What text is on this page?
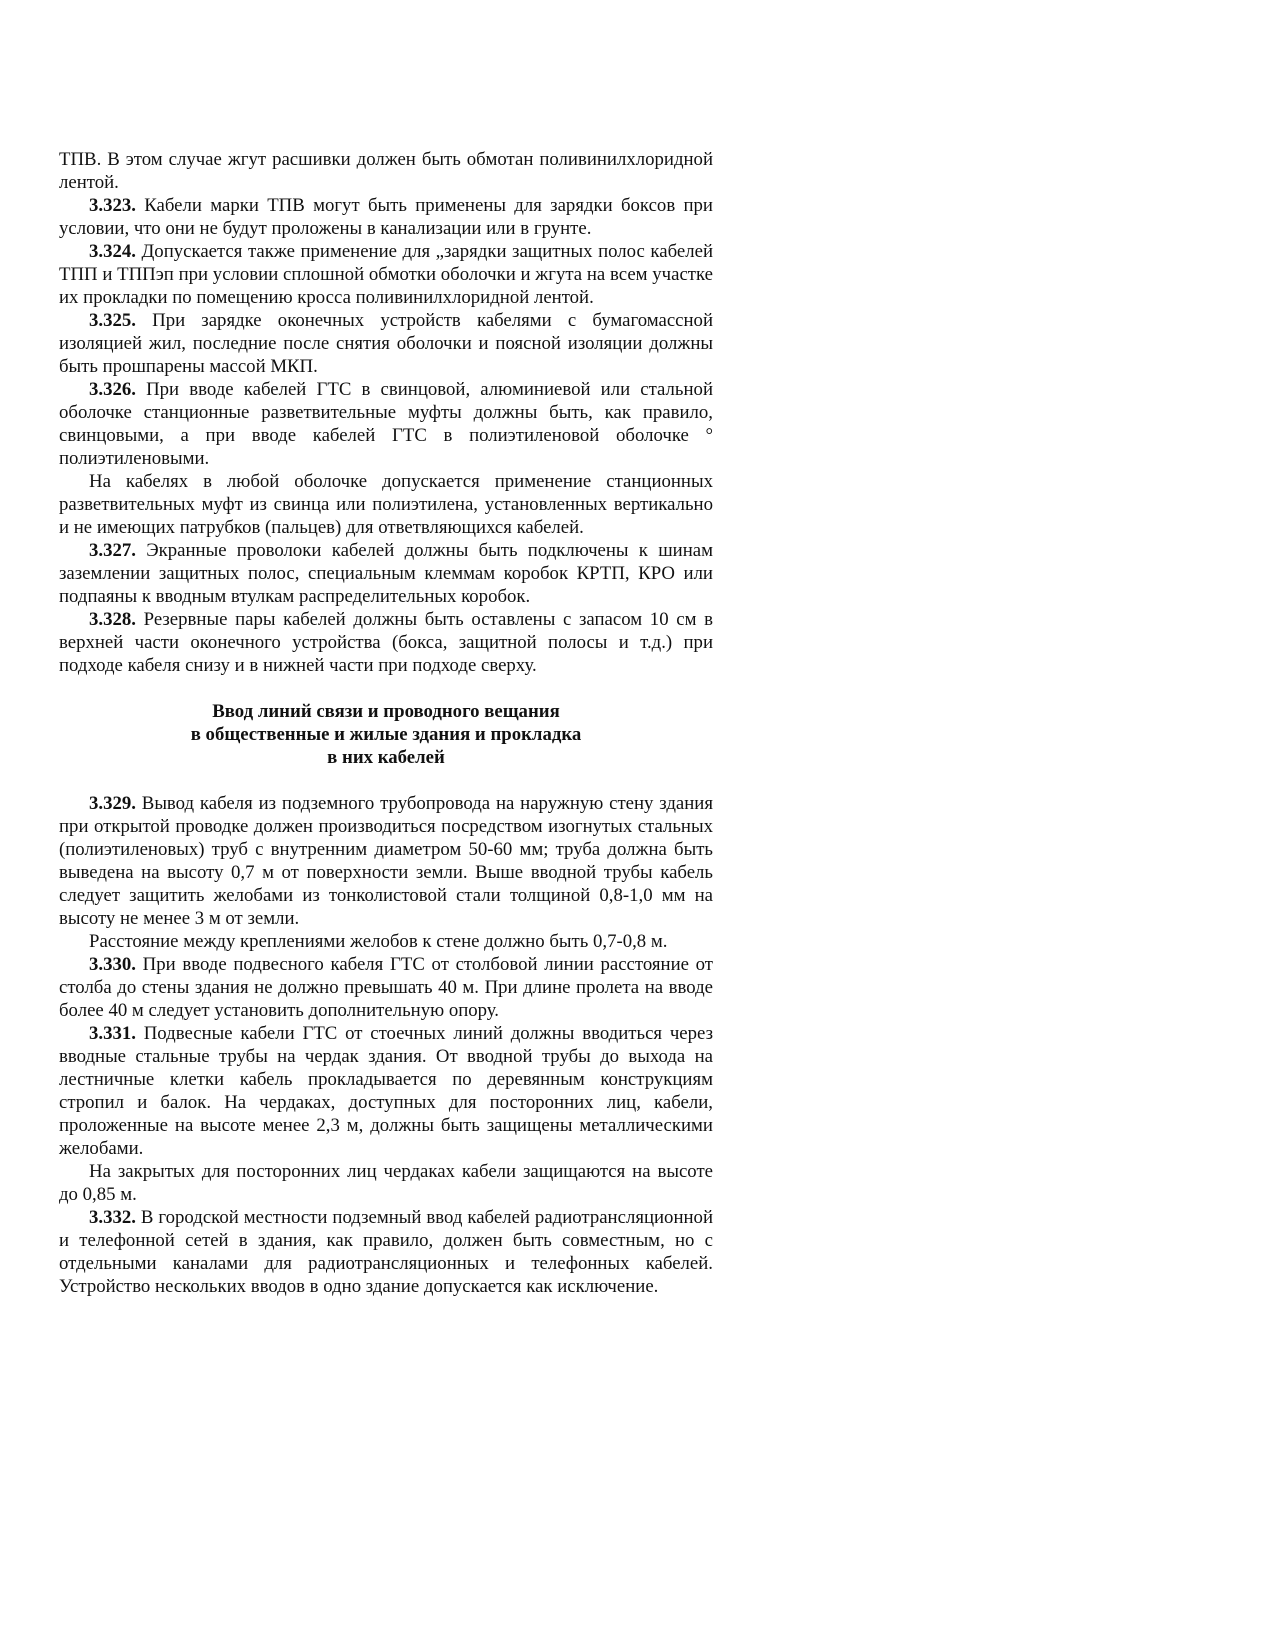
ТПВ. В этом случае жгут расшивки должен быть обмотан поливинилхлоридной лентой.

3.323. Кабели марки ТПВ могут быть применены для зарядки боксов при условии, что они не будут проложены в канализации или в грунте.

3.324. Допускается также применение для „зарядки защитных полос кабелей ТПП и ТППэп при условии сплошной обмотки оболочки и жгута на всем участке их прокладки по помещению кросса поливинилхлоридной лентой.

3.325. При зарядке оконечных устройств кабелями с бумагомассной изоляцией жил, последние после снятия оболочки и поясной изоляции должны быть прошпарены массой МКП.

3.326. При вводе кабелей ГТС в свинцовой, алюминиевой или стальной оболочке станционные разветвительные муфты должны быть, как правило, свинцовыми, а при вводе кабелей ГТС в полиэтиленовой оболочке ° полиэтиленовыми.

На кабелях в любой оболочке допускается применение станционных разветвительных муфт из свинца или полиэтилена, установленных вертикально и не имеющих патрубков (пальцев) для ответвляющихся кабелей.

3.327. Экранные проволоки кабелей должны быть подключены к шинам заземлении защитных полос, специальным клеммам коробок КРТП, КРО или подпаяны к вводным втулкам распределительных коробок.

3.328. Резервные пары кабелей должны быть оставлены с запасом 10 см в верхней части оконечного устройства (бокса, защитной полосы и т.д.) при подходе кабеля снизу и в нижней части при подходе сверху.

Ввод линий связи и проводного вещания
в общественные и жилые здания и прокладка
в них кабелей

3.329. Вывод кабеля из подземного трубопровода на наружную стену здания при открытой проводке должен производиться посредством изогнутых стальных (полиэтиленовых) труб с внутренним диаметром 50-60 мм; труба должна быть выведена на высоту 0,7 м от поверхности земли. Выше вводной трубы кабель следует защитить желобами из тонколистовой стали толщиной 0,8-1,0 мм на высоту не менее 3 м от земли.

Расстояние между креплениями желобов к стене должно быть 0,7-0,8 м.

3.330. При вводе подвесного кабеля ГТС от столбовой линии расстояние от столба до стены здания не должно превышать 40 м. При длине пролета на вводе более 40 м следует установить дополнительную опору.

3.331. Подвесные кабели ГТС от стоечных линий должны вводиться через вводные стальные трубы на чердак здания. От вводной трубы до выхода на лестничные клетки кабель прокладывается по деревянным конструкциям стропил и балок. На чердаках, доступных для посторонних лиц, кабели, проложенные на высоте менее 2,3 м, должны быть защищены металлическими желобами.

На закрытых для посторонних лиц чердаках кабели защищаются на высоте до 0,85 м.

3.332. В городской местности подземный ввод кабелей радиотрансляционной и телефонной сетей в здания, как правило, должен быть совместным, но с отдельными каналами для радиотрансляционных и телефонных кабелей. Устройство нескольких вводов в одно здание допускается как исключение.
